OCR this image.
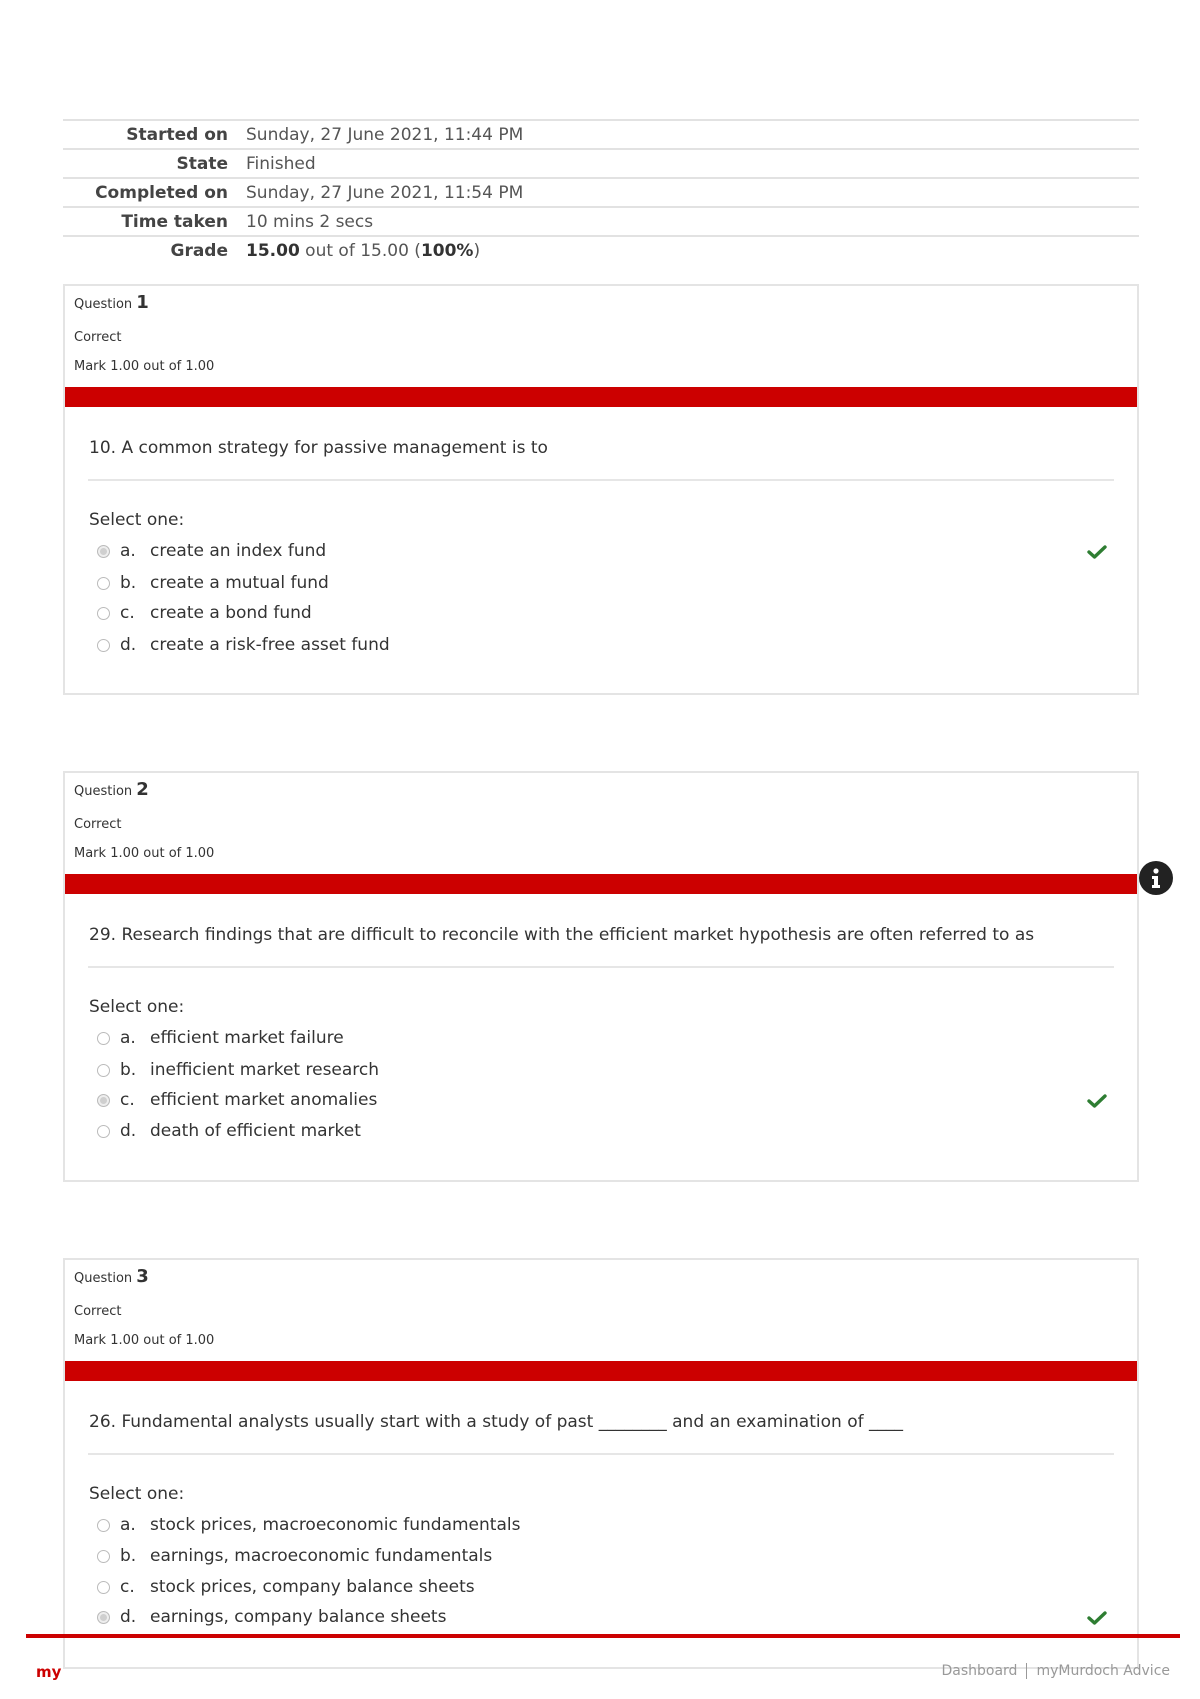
Started on	Sunday, 27 June 2021, 11:44 PM
State	Finished
Completed on	Sunday, 27 June 2021, 11:54 PM
Time taken	10 mins 2 secs
Grade	15.00 out of 15.00 (100%)
Question 1
Correct
Mark 1.00 out of 1.00
10. A common strategy for passive management is to
Select one:
a. create an index fund
b. create a mutual fund
c. create a bond fund
d. create a risk-free asset fund
Question 2
Correct
Mark 1.00 out of 1.00
29. Research findings that are difficult to reconcile with the efficient market hypothesis are often referred to as
Select one:
a. efficient market failure
b. inefficient market research
c. efficient market anomalies
d. death of efficient market
Question 3
Correct
Mark 1.00 out of 1.00
26. Fundamental analysts usually start with a study of past ________ and an examination of ____
Select one:
a. stock prices, macroeconomic fundamentals
b. earnings, macroeconomic fundamentals
c. stock prices, company balance sheets
d. earnings, company balance sheets
my	Dashboard myMurdoch Advice
